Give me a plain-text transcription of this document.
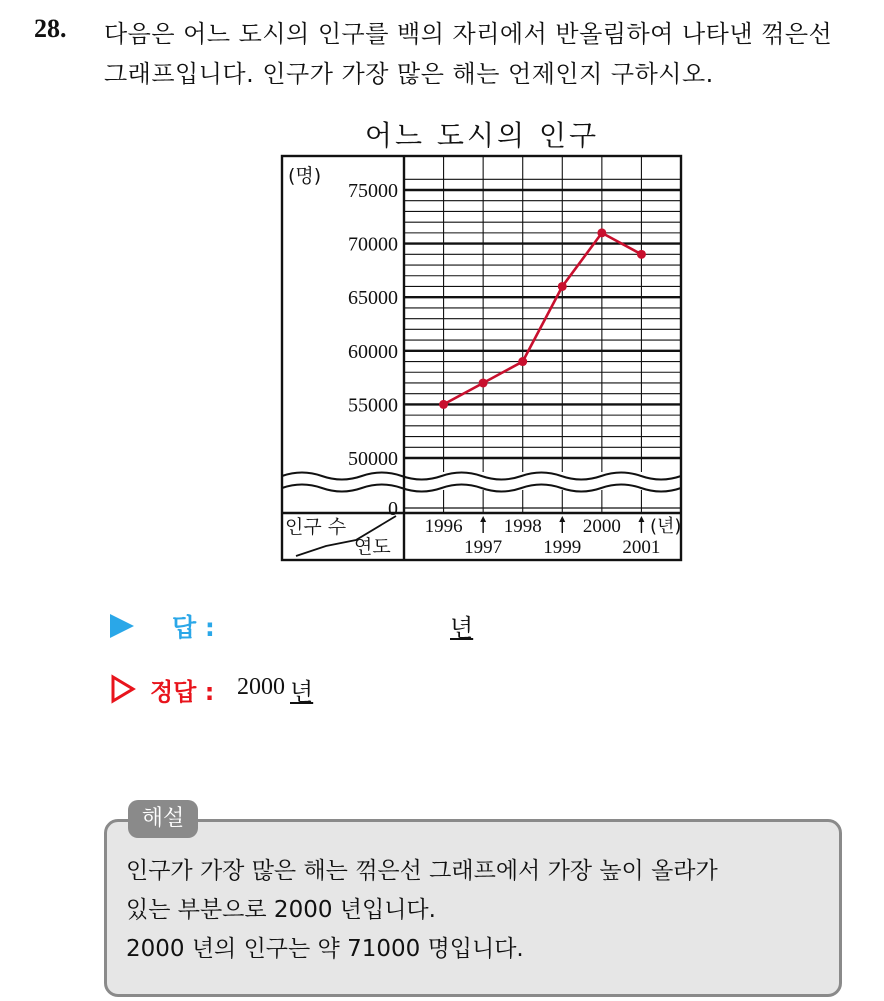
28. 다음은 어느 도시의 인구를 백의 자리에서 반올림하여 나타낸 꺾은선
그래프입니다. 인구가 가장 많은 해는 언제인지 구하시오.
어느 도시의 인구
인구 수
연도
(명)
75000
70000
65000
60000
55000
50000
0
1996 1998 2000
1997 1999 2001
(년)
답 :	년
정답 : 2000 년
해설
인구가 가장 많은 해는 꺾은선 그래프에서 가장 높이 올라가
있는 부분으로 2000 년입니다.
2000 년의 인구는 약 71000 명입니다.
